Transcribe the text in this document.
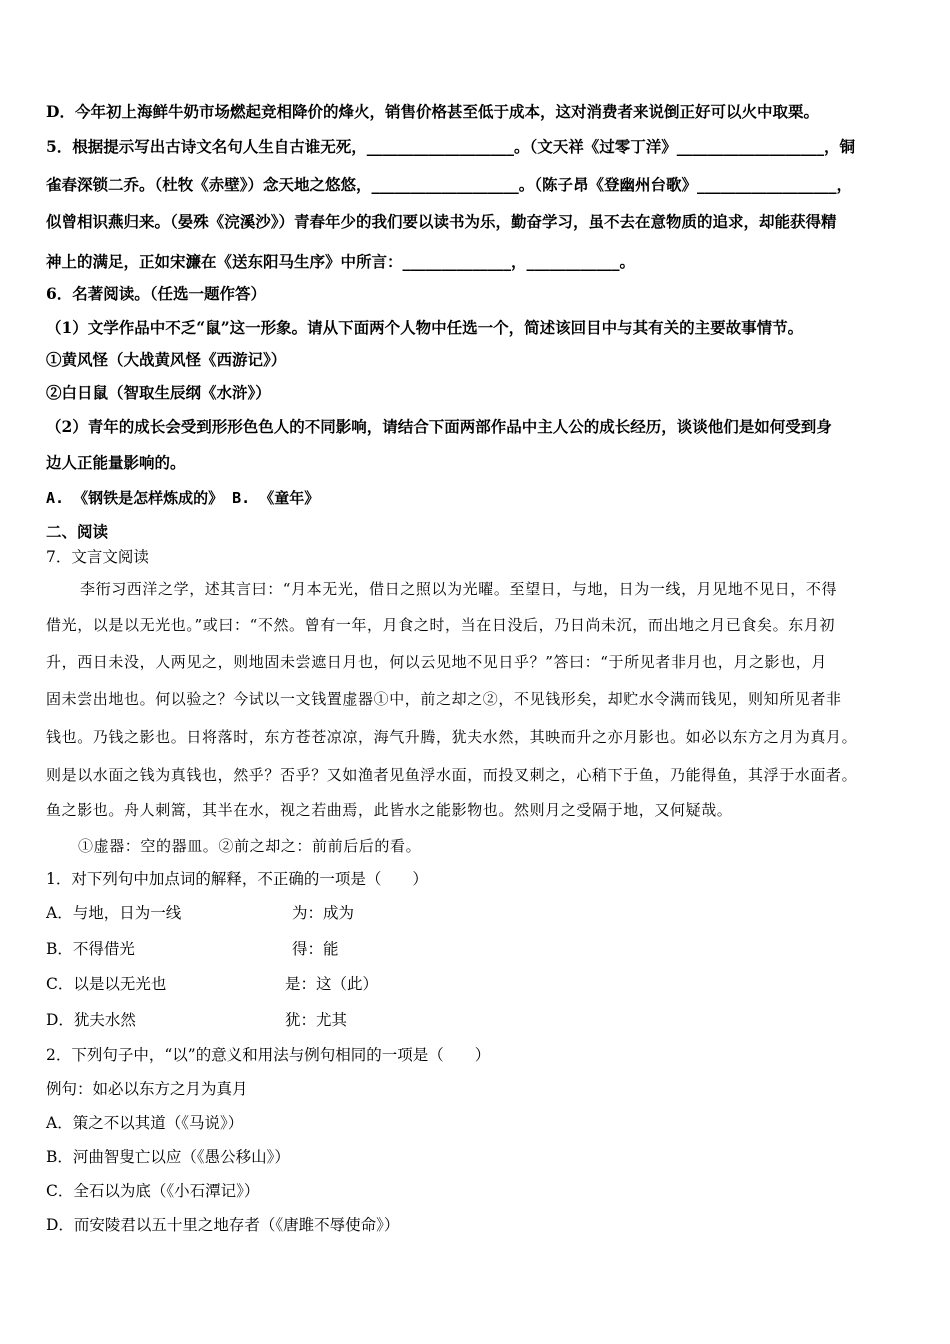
D．今年初上海鲜牛奶市场燃起竞相降价的烽火，销售价格甚至低于成本，这对消费者来说倒正好可以火中取栗。
5．根据提示写出古诗文名句人生自古谁无死，___________________。（文天祥《过零丁洋》___________________，铜
雀春深锁二乔。（杜牧《赤壁》）念天地之悠悠，___________________。（陈子昂《登幽州台歌》__________________，
似曾相识燕归来。（晏殊《浣溪沙》）青春年少的我们要以读书为乐，勤奋学习，虽不去在意物质的追求，却能获得精
神上的满足，正如宋濂在《送东阳马生序》中所言：______________，____________。
6．名著阅读。（任选一题作答）
（1）文学作品中不乏“鼠”这一形象。请从下面两个人物中任选一个，简述该回目中与其有关的主要故事情节。
①黄风怪（大战黄风怪《西游记》）
②白日鼠（智取生辰纲《水浒》）
（2）青年的成长会受到形形色色人的不同影响，请结合下面两部作品中主人公的成长经历，谈谈他们是如何受到身
边人正能量影响的。
A. 《钢铁是怎样炼成的》 B. 《童年》
二、阅读
7．文言文阅读
李衎习西洋之学，述其言曰：“月本无光，借日之照以为光曜。至望日，与地，日为一线，月见地不见日，不得
借光，以是以无光也。”或曰：“不然。曾有一年，月食之时，当在日没后，乃日尚未沉，而出地之月已食矣。东月初
升，西日未没，人两见之，则地固未尝遮日月也，何以云见地不见日乎？”答曰：“于所见者非月也，月之影也，月
固未尝出地也。何以验之？今试以一文钱置虚器①中，前之却之②，不见钱形矣，却贮水令满而钱见，则知所见者非
钱也。乃钱之影也。日将落时，东方苍苍凉凉，海气升腾，犹夫水然，其映而升之亦月影也。如必以东方之月为真月。
则是以水面之钱为真钱也，然乎？否乎？又如渔者见鱼浮水面，而投叉刺之，心稍下于鱼，乃能得鱼，其浮于水面者。
鱼之影也。舟人刺篙，其半在水，视之若曲焉，此皆水之能影物也。然则月之受隔于地，又何疑哉。
①虚器：空的器皿。②前之却之：前前后后的看。
1．对下列句中加点词的解释，不正确的一项是（　　）
A．与地，日为一线	为：成为
B．不得借光	得：能
C．以是以无光也	是：这（此）
D．犹夫水然	犹：尤其
2．下列句子中，“以”的意义和用法与例句相同的一项是（　　）
例句：如必以东方之月为真月
A．策之不以其道（《马说》）
B．河曲智叟亡以应（《愚公移山》）
C．全石以为底（《小石潭记》）
D．而安陵君以五十里之地存者（《唐雎不辱使命》）
